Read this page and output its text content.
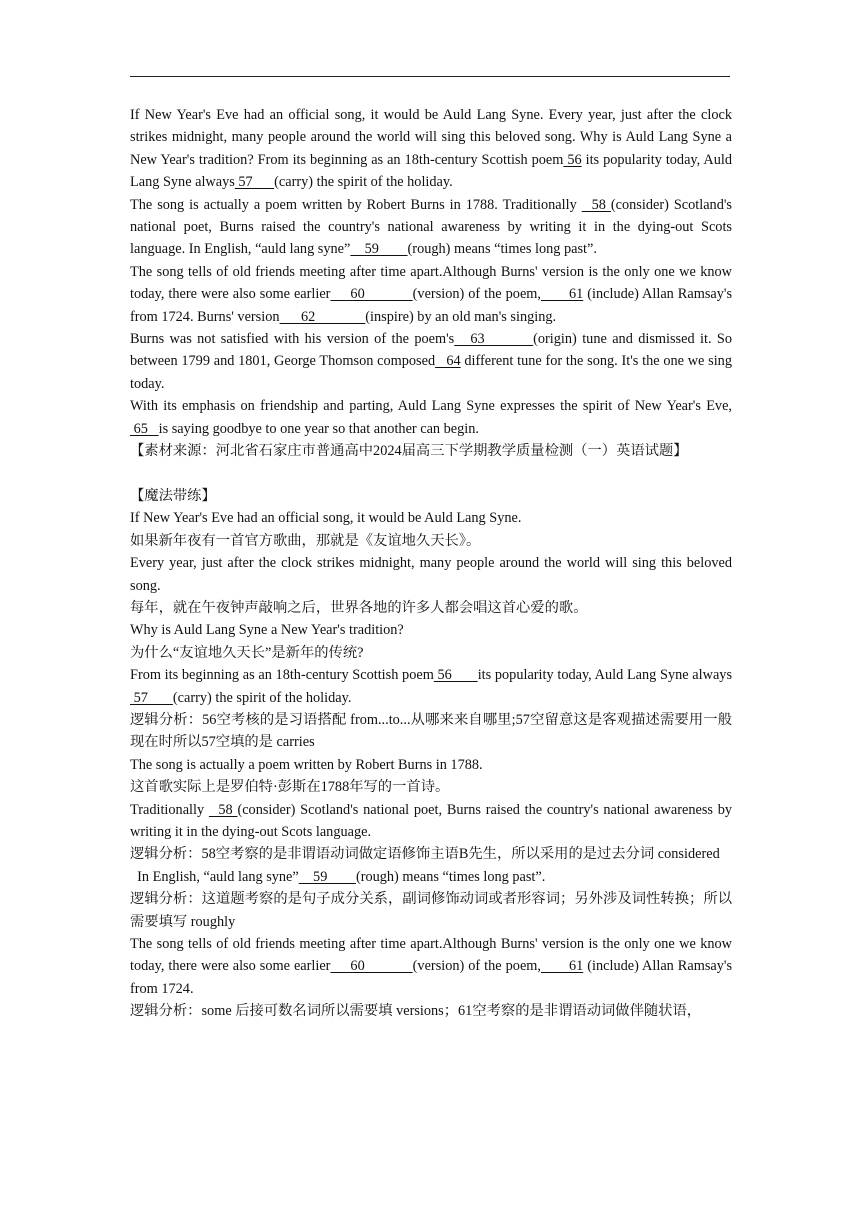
If New Year's Eve had an official song, it would be Auld Lang Syne. Every year, just after the clock strikes midnight, many people around the world will sing this beloved song. Why is Auld Lang Syne a New Year's tradition? From its beginning as an 18th-century Scottish poem 56 its popularity today, Auld Lang Syne always 57      (carry) the spirit of the holiday.

The song is actually a poem written by Robert Burns in 1788. Traditionally   58 (consider) Scotland's national poet, Burns raised the country's national awareness by writing it in the dying-out Scots language. In English, “auld lang syne”    59        (rough) means “times long past”.

The song tells of old friends meeting after time apart.Although Burns' version is the only one we know today, there were also some earlier     60            (version) of the poem,       61 (include) Allan Ramsay's from 1724. Burns' version      62              (inspire) by an old man's singing.

Burns was not satisfied with his version of the poem's   63         (origin) tune and dismissed it. So between 1799 and 1801, George Thomson composed   64 different tune for the song. It's the one we sing today.

With its emphasis on friendship and parting, Auld Lang Syne expresses the spirit of New Year's Eve, 65   is saying goodbye to one year so that another can begin.

【素材来源：河北省石家庄市普通高中2024届高三下学期教学质量检测（一）英语试题】

【魔法带练】

If New Year's Eve had an official song, it would be Auld Lang Syne.

如果新年夜有一首官方歌曲，那就是《友谊地久天长》。

Every year, just after the clock strikes midnight, many people around the world will sing this beloved song.

每年，就在午夜钟声敲响之后，世界各地的许多人都会唱这首心爱的歌。

Why is Auld Lang Syne a New Year's tradition?

为什么“友谊地久天长”是新年的传统?

From its beginning as an 18th-century Scottish poem 56       its popularity today, Auld Lang Syne always 57       (carry) the spirit of the holiday.

逻辑分析：56空考核的是习语搭配 from...to...从哪来来自哪里;57空留意这是客观描述需要用一般现在时所以57空填的是 carries

The song is actually a poem written by Robert Burns in 1788.

这首歌实际上是罗伯特·彭斯在1788年写的一首诗。

Traditionally   58 (consider) Scotland's national poet, Burns raised the country's national awareness by writing it in the dying-out Scots language.

逻辑分析：58空考察的是非谓语动词做定语修饰主语B先生，所以采用的是过去分词 considered

In English, “auld lang syne”    59        (rough) means “times long past”.

逻辑分析：这道题考察的是句子成分关系，副词修饰动词或者形容词；另外涉及词性转换；所以需要填写 roughly

The song tells of old friends meeting after time apart.Although Burns' version is the only one we know today, there were also some earlier     60            (version) of the poem,       61 (include) Allan Ramsay's from 1724.

逻辑分析：some 后接可数名词所以需要填 versions；61空考察的是非谓语动词做伴随状语，
